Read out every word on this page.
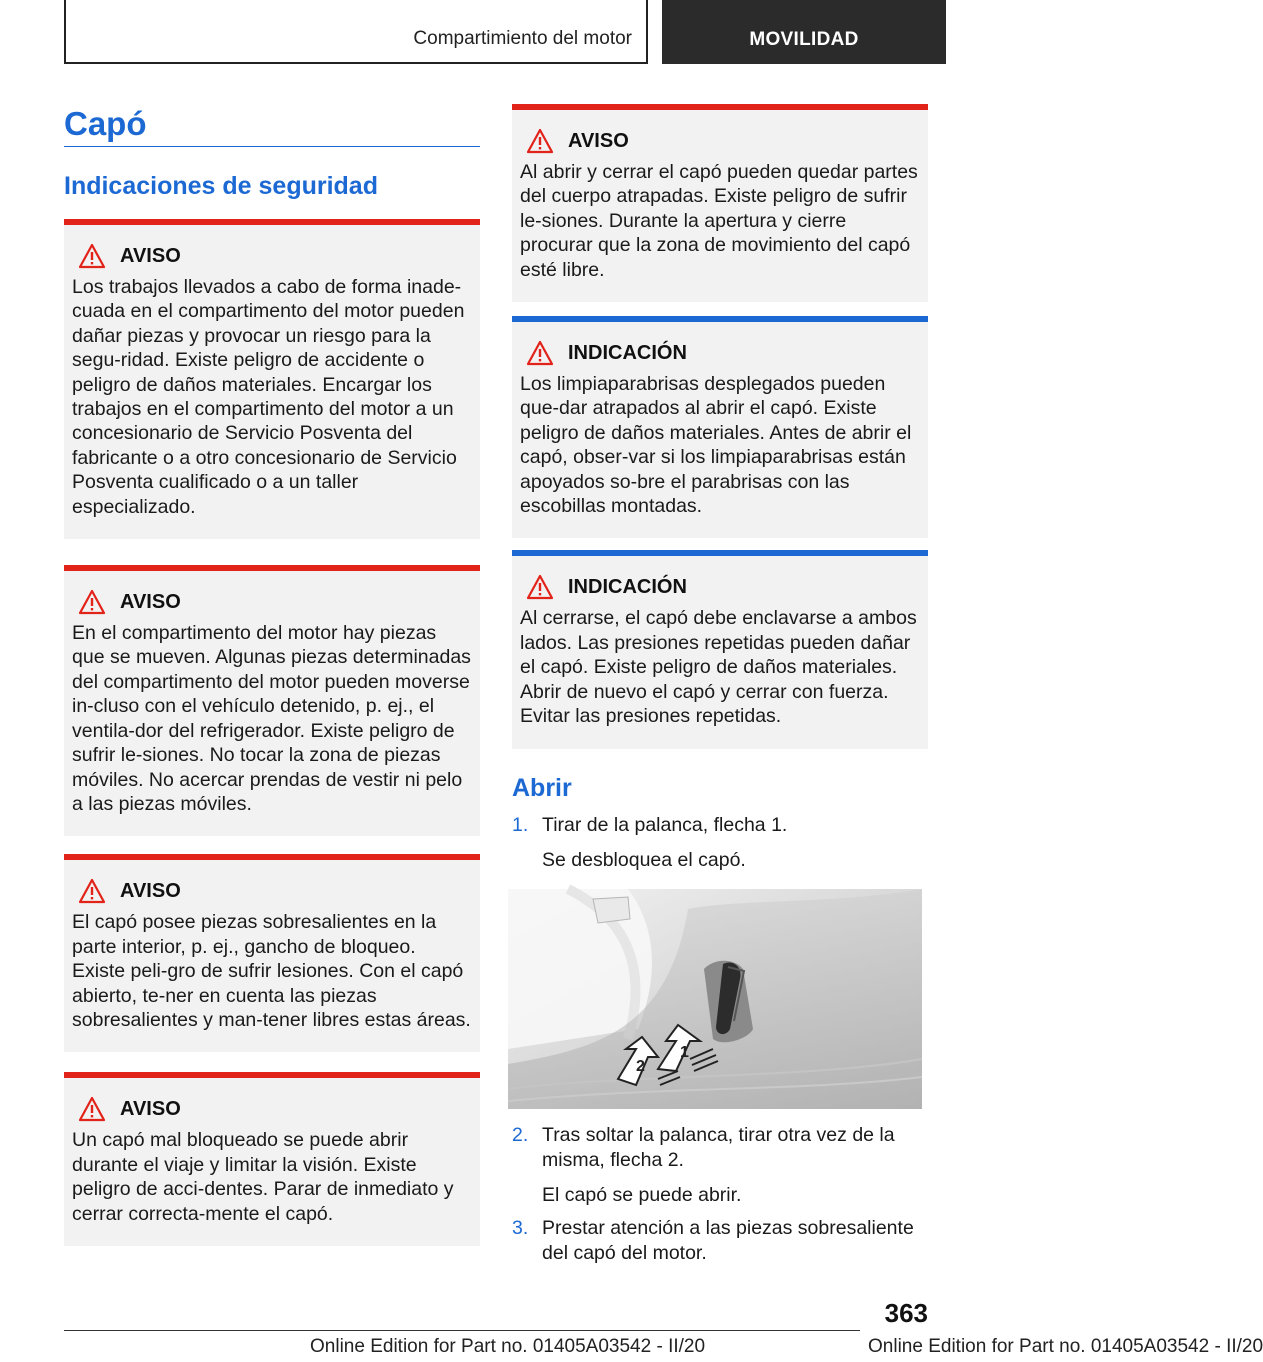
Compartimiento del motor	MOVILIDAD
Capó
Indicaciones de seguridad
AVISO
Los trabajos llevados a cabo de forma inade‐cuada en el compartimento del motor pueden dañar piezas y provocar un riesgo para la segu‐ridad. Existe peligro de accidente o peligro de daños materiales. Encargar los trabajos en el compartimento del motor a un concesionario de Servicio Posventa del fabricante o a otro concesionario de Servicio Posventa cualificado o a un taller especializado.
AVISO
En el compartimento del motor hay piezas que se mueven. Algunas piezas determinadas del compartimento del motor pueden moverse in‐cluso con el vehículo detenido, p. ej., el ventila‐dor del refrigerador. Existe peligro de sufrir le‐siones. No tocar la zona de piezas móviles. No acercar prendas de vestir ni pelo a las piezas móviles.
AVISO
El capó posee piezas sobresalientes en la parte interior, p. ej., gancho de bloqueo. Existe peli‐gro de sufrir lesiones. Con el capó abierto, te‐ner en cuenta las piezas sobresalientes y man‐tener libres estas áreas.
AVISO
Un capó mal bloqueado se puede abrir durante el viaje y limitar la visión. Existe peligro de acci‐dentes. Parar de inmediato y cerrar correcta‐mente el capó.
AVISO
Al abrir y cerrar el capó pueden quedar partes del cuerpo atrapadas. Existe peligro de sufrir le‐siones. Durante la apertura y cierre procurar que la zona de movimiento del capó esté libre.
INDICACIÓN
Los limpiaparabrisas desplegados pueden que‐dar atrapados al abrir el capó. Existe peligro de daños materiales. Antes de abrir el capó, obser‐var si los limpiaparabrisas están apoyados so‐bre el parabrisas con las escobillas montadas.
INDICACIÓN
Al cerrarse, el capó debe enclavarse a ambos lados. Las presiones repetidas pueden dañar el capó. Existe peligro de daños materiales. Abrir de nuevo el capó y cerrar con fuerza. Evitar las presiones repetidas.
Abrir
1. Tirar de la palanca, flecha 1.
Se desbloquea el capó.
1
2
2. Tras soltar la palanca, tirar otra vez de la misma, flecha 2.
El capó se puede abrir.
3. Prestar atención a las piezas sobresaliente del capó del motor.
363
Online Edition for Part no. 01405A03542 - II/20	Online Edition for Part no. 01405A03542 - II/20
